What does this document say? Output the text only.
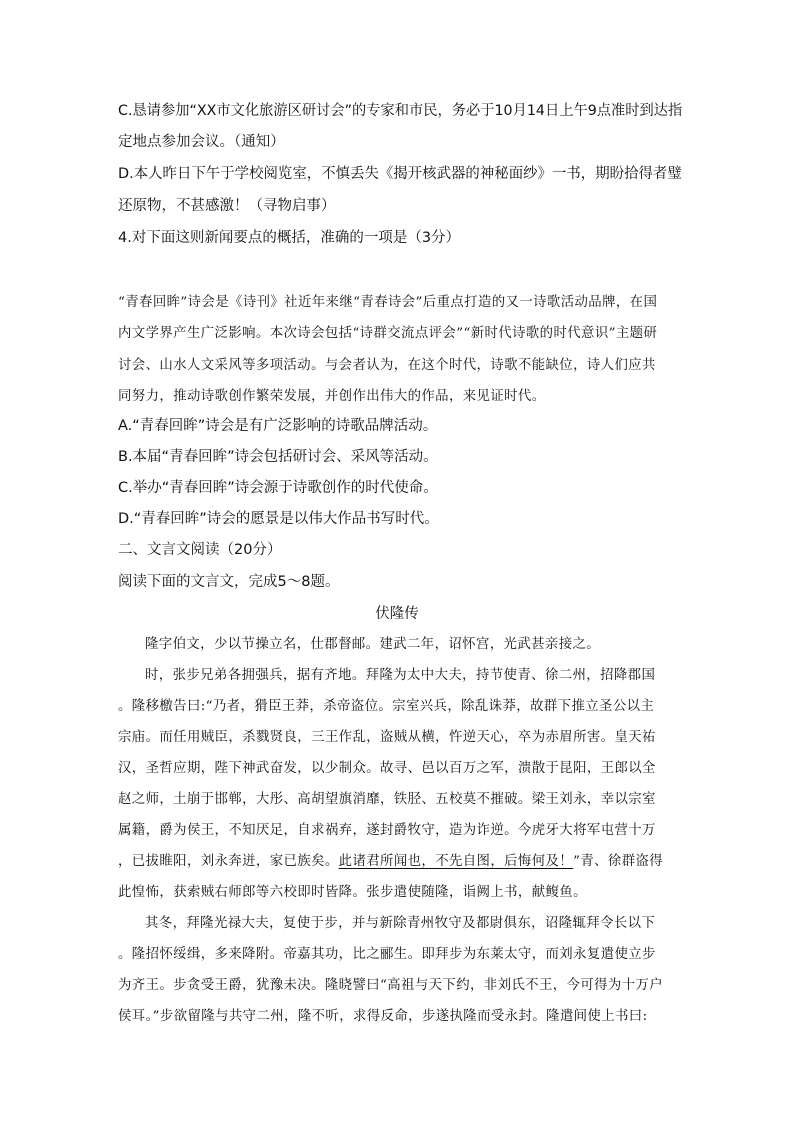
C.恳请参加“XX市文化旅游区研讨会”的专家和市民，务必于10月14日上午9点准时到达指
定地点参加会议。（通知）
D.本人昨日下午于学校阅览室，不慎丢失《揭开核武器的神秘面纱》一书，期盼拾得者璧
还原物，不甚感激！（寻物启事）
4.对下面这则新闻要点的概括，准确的一项是（3分）
“青春回眸”诗会是《诗刊》社近年来继“青春诗会”后重点打造的又一诗歌活动品牌，在国
内文学界产生广泛影响。本次诗会包括“诗群交流点评会”“新时代诗歌的时代意识”主题研
讨会、山水人文采风等多项活动。与会者认为，在这个时代，诗歌不能缺位，诗人们应共
同努力，推动诗歌创作繁荣发展，并创作出伟大的作品，来见证时代。
A.“青春回眸”诗会是有广泛影响的诗歌品牌活动。
B.本届“青春回眸”诗会包括研讨会、采风等活动。
C.举办“青春回眸”诗会源于诗歌创作的时代使命。
D.“青春回眸”诗会的愿景是以伟大作品书写时代。
二、文言文阅读（20分）
阅读下面的文言文，完成5～8题。
伏隆传
隆字伯文，少以节操立名，仕郡督邮。建武二年，诏怀宫，光武甚亲接之。
时，张步兄弟各拥强兵，据有齐地。拜隆为太中大夫，持节使青、徐二州，招降郡国
。隆移檄告曰:“乃者，猾臣王莽，杀帝盗位。宗室兴兵，除乱诛莽，故群下推立圣公以主
宗庙。而任用贼臣，杀戮贤良，三王作乱，盗贼从横，忤逆天心，卒为赤眉所害。皇天祐
汉，圣哲应期，陛下神武奋发，以少制众。故寻、邑以百万之军，溃散于昆阳，王郎以全
赵之师，土崩于邯郸，大彤、高胡望旗消靡，铁胫、五校莫不摧破。梁王刘永，幸以宗室
属籍，爵为侯王，不知厌足，自求祸弃，遂封爵牧守，造为诈逆。今虎牙大将军屯营十万
，已拔睢阳，刘永奔迸，家已族矣。此诸君所闻也，不先自图，后悔何及！”青、徐群盗得
此惶怖，获索贼右师郎等六校即时皆降。张步遣使随隆，诣阙上书，献鳆鱼。
其冬，拜隆光禄大夫，复使于步，并与新除青州牧守及都尉俱东，诏隆辄拜令长以下
。隆招怀绥缉，多来降附。帝嘉其功，比之郦生。即拜步为东莱太守，而刘永复遣使立步
为齐王。步贪受王爵，犹豫未决。隆晓譬曰“高祖与天下约，非刘氏不王，今可得为十万户
侯耳。”步欲留隆与共守二州，隆不听，求得反命，步遂执隆而受永封。隆遣间使上书曰:
